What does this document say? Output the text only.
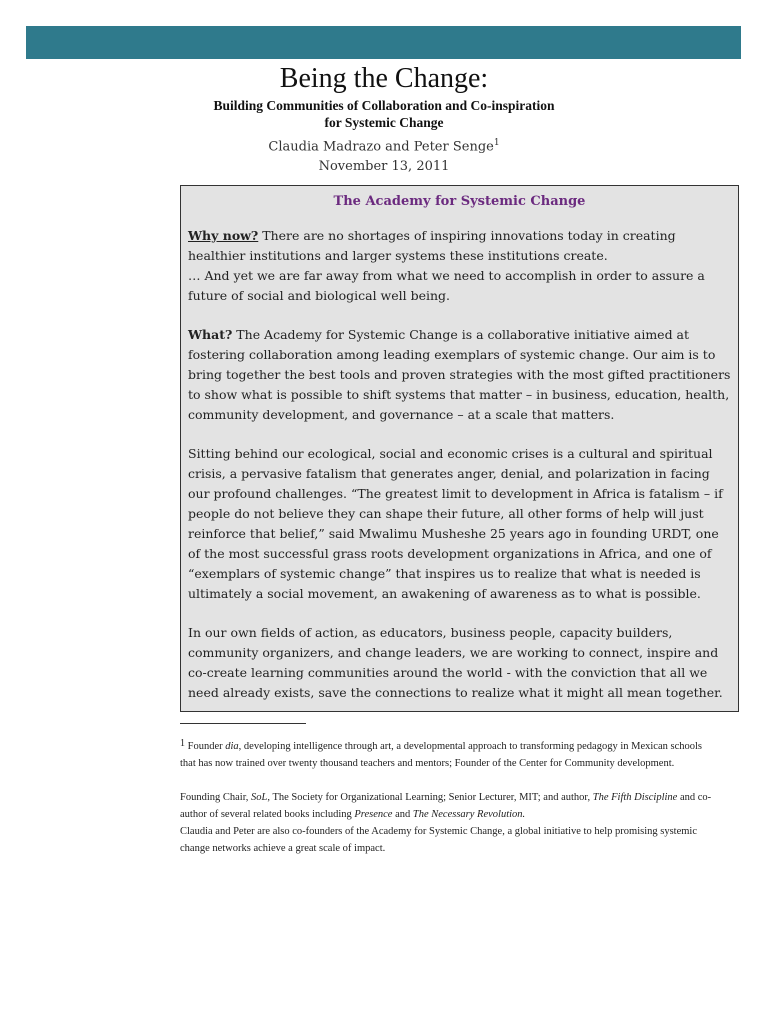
Being the Change:
Building Communities of Collaboration and Co-inspiration
for Systemic Change
Claudia Madrazo and Peter Senge$^1$
November 13, 2011
The Academy for Systemic Change

Why now? There are no shortages of inspiring innovations today in creating healthier institutions and larger systems these institutions create.
… And yet we are far away from what we need to accomplish in order to assure a future of social and biological well being.

What? The Academy for Systemic Change is a collaborative initiative aimed at fostering collaboration among leading exemplars of systemic change. Our aim is to bring together the best tools and proven strategies with the most gifted practitioners to show what is possible to shift systems that matter – in business, education, health, community development, and governance – at a scale that matters.

Sitting behind our ecological, social and economic crises is a cultural and spiritual crisis, a pervasive fatalism that generates anger, denial, and polarization in facing our profound challenges. “The greatest limit to development in Africa is fatalism – if people do not believe they can shape their future, all other forms of help will just reinforce that belief,” said Mwalimu Musheshe 25 years ago in founding URDT, one of the most successful grass roots development organizations in Africa, and one of “exemplars of systemic change” that inspires us to realize that what is needed is ultimately a social movement, an awakening of awareness as to what is possible.

In our own fields of action, as educators, business people, capacity builders, community organizers, and change leaders, we are working to connect, inspire and co-create learning communities around the world - with the conviction that all we need already exists, save the connections to realize what it might all mean together.

$^1$ Founder dia, developing intelligence through art, a developmental approach to transforming pedagogy in Mexican schools that has now trained over twenty thousand teachers and mentors; Founder of the Center for Community development.

Founding Chair, SoL, The Society for Organizational Learning; Senior Lecturer, MIT; and author, The Fifth Discipline and co-author of several related books including Presence and The Necessary Revolution.

Claudia and Peter are also co-founders of the Academy for Systemic Change, a global initiative to help promising systemic change networks achieve a great scale of impact.
